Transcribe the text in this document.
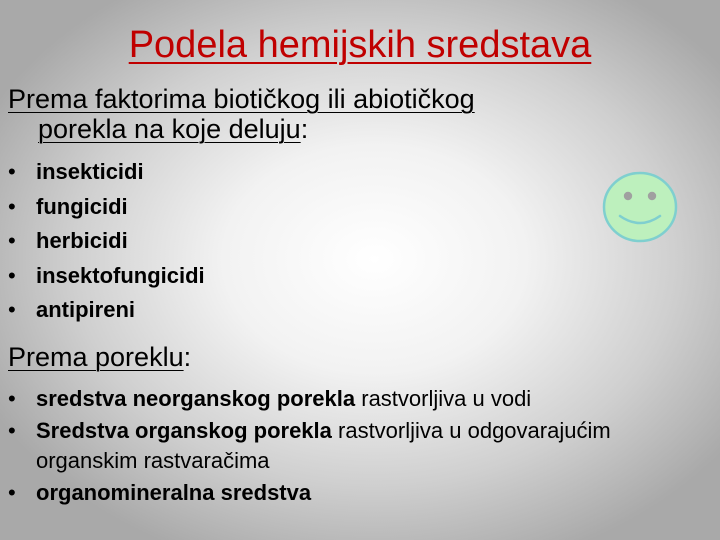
Podela hemijskih sredstava
Prema faktorima biotičkog ili abiotičkog
porekla na koje deluju:
• insekticidi
• fungicidi
• herbicidi
• insektofungicidi
• antipireni
Prema poreklu:
• sredstva neorganskog porekla rastvorljiva u vodi
• Sredstva organskog porekla rastvorljiva u odgovarajućim organskim rastvaračima
• organomineralna sredstva
